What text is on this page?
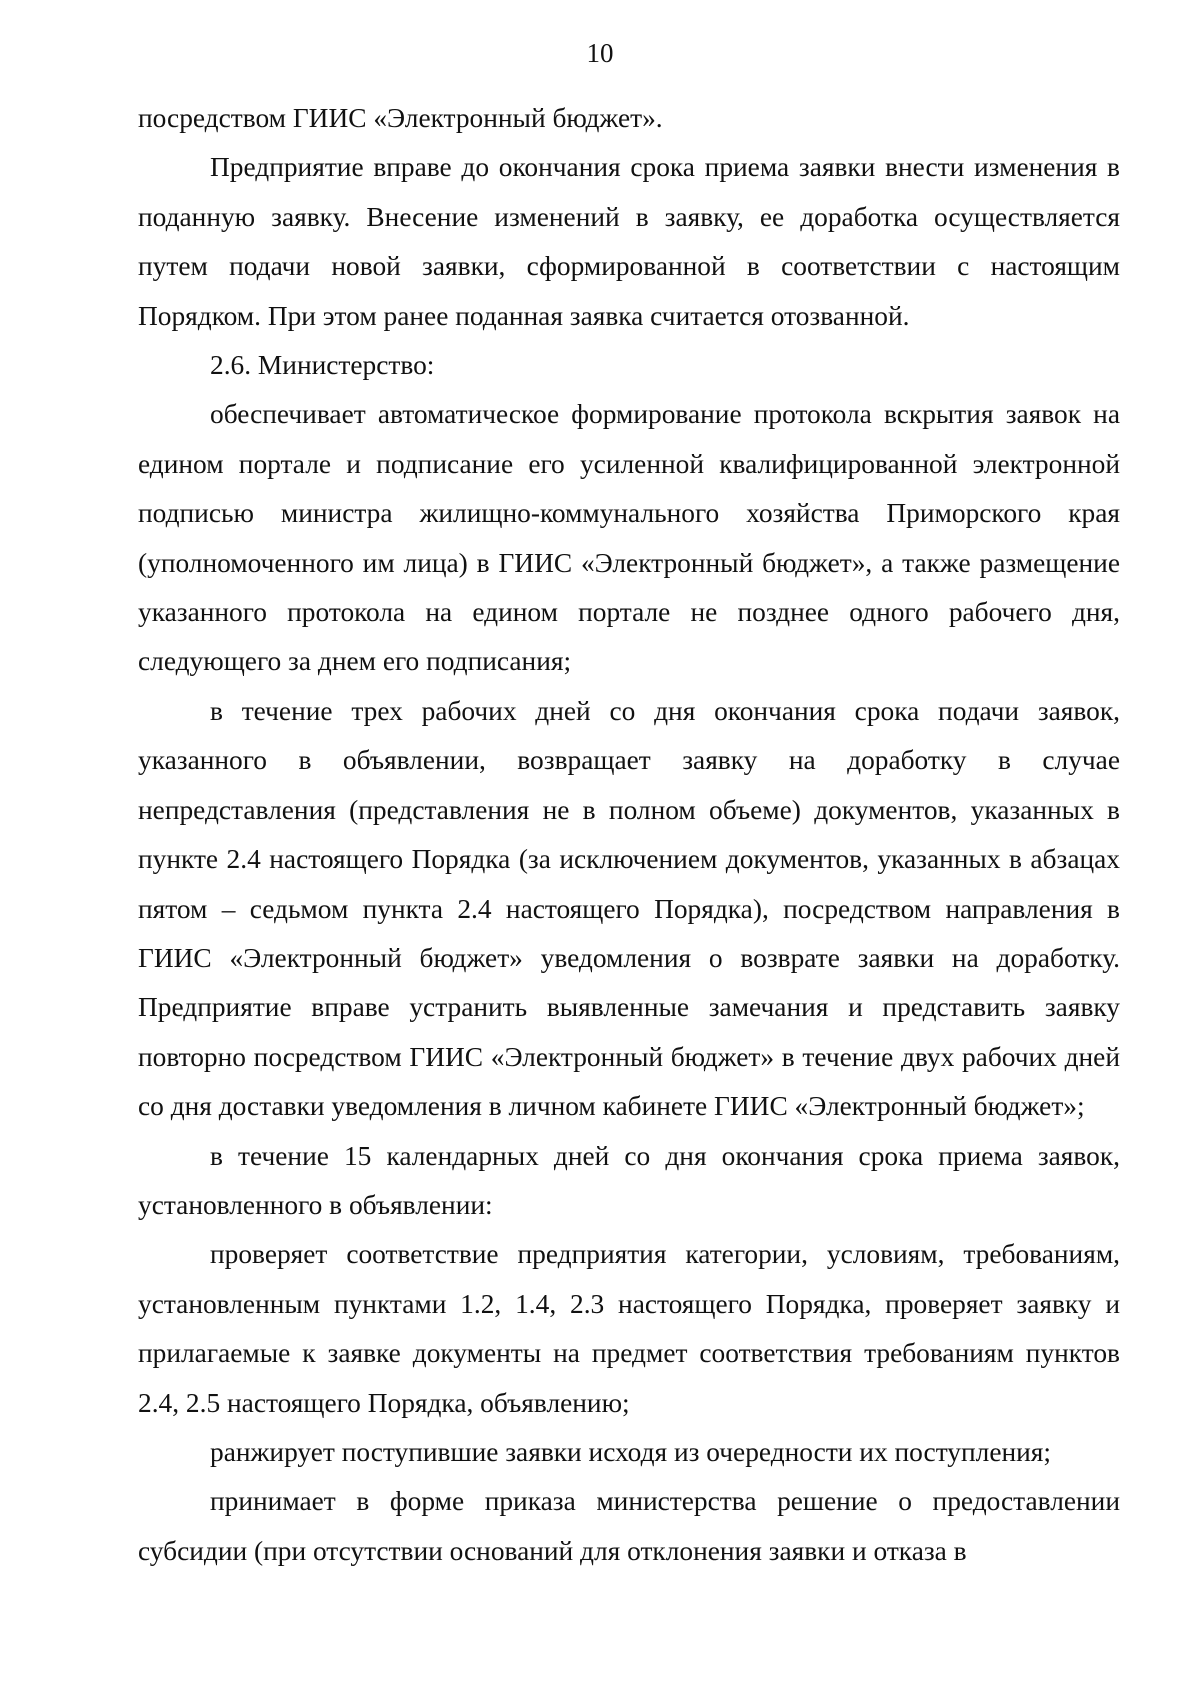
10

посредством ГИИС «Электронный бюджет».

Предприятие вправе до окончания срока приема заявки внести изменения в поданную заявку. Внесение изменений в заявку, ее доработка осуществляется путем подачи новой заявки, сформированной в соответствии с настоящим Порядком. При этом ранее поданная заявка считается отозванной.

2.6. Министерство:

обеспечивает автоматическое формирование протокола вскрытия заявок на едином портале и подписание его усиленной квалифицированной электронной подписью министра жилищно-коммунального хозяйства Приморского края (уполномоченного им лица) в ГИИС «Электронный бюджет», а также размещение указанного протокола на едином портале не позднее одного рабочего дня, следующего за днем его подписания;

в течение трех рабочих дней со дня окончания срока подачи заявок, указанного в объявлении, возвращает заявку на доработку в случае непредставления (представления не в полном объеме) документов, указанных в пункте 2.4 настоящего Порядка (за исключением документов, указанных в абзацах пятом – седьмом пункта 2.4 настоящего Порядка), посредством направления в ГИИС «Электронный бюджет» уведомления о возврате заявки на доработку. Предприятие вправе устранить выявленные замечания и представить заявку повторно посредством ГИИС «Электронный бюджет» в течение двух рабочих дней со дня доставки уведомления в личном кабинете ГИИС «Электронный бюджет»;

в течение 15 календарных дней со дня окончания срока приема заявок, установленного в объявлении:

проверяет соответствие предприятия категории, условиям, требованиям, установленным пунктами 1.2, 1.4, 2.3 настоящего Порядка, проверяет заявку и прилагаемые к заявке документы на предмет соответствия требованиям пунктов 2.4, 2.5 настоящего Порядка, объявлению;

ранжирует поступившие заявки исходя из очередности их поступления;

принимает в форме приказа министерства решение о предоставлении субсидии (при отсутствии оснований для отклонения заявки и отказа в
